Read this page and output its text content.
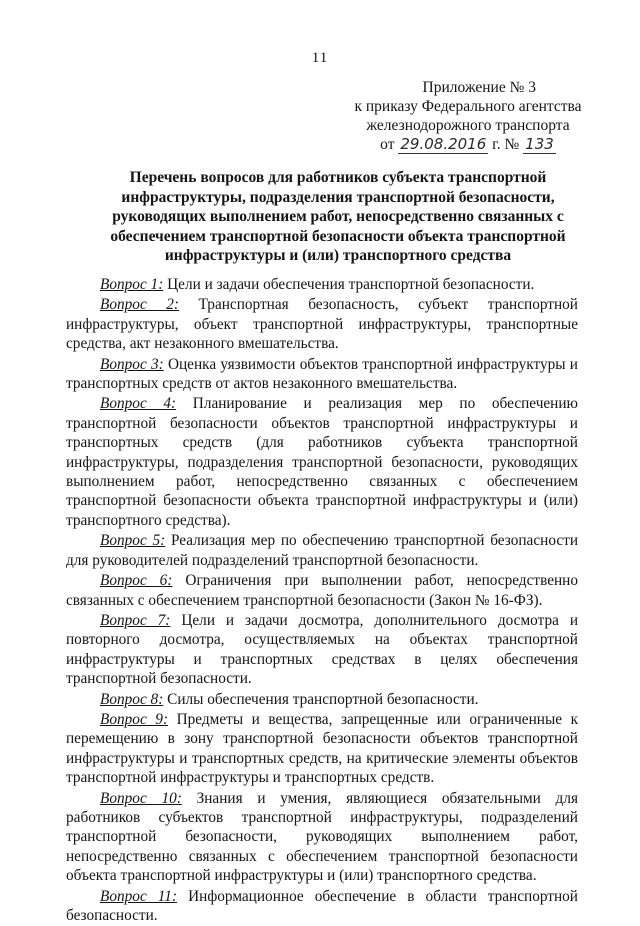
11
Приложение № 3
к приказу Федерального агентства
железнодорожного транспорта
от 29.08.2016 г. № 133
Перечень вопросов для работников субъекта транспортной инфраструктуры, подразделения транспортной безопасности, руководящих выполнением работ, непосредственно связанных с обеспечением транспортной безопасности объекта транспортной инфраструктуры и (или) транспортного средства

Вопрос 1: Цели и задачи обеспечения транспортной безопасности.

Вопрос 2: Транспортная безопасность, субъект транспортной инфраструктуры, объект транспортной инфраструктуры, транспортные средства, акт незаконного вмешательства.

Вопрос 3: Оценка уязвимости объектов транспортной инфраструктуры и транспортных средств от актов незаконного вмешательства.

Вопрос 4: Планирование и реализация мер по обеспечению транспортной безопасности объектов транспортной инфраструктуры и транспортных средств (для работников субъекта транспортной инфраструктуры, подразделения транспортной безопасности, руководящих выполнением работ, непосредственно связанных с обеспечением транспортной безопасности объекта транспортной инфраструктуры и (или) транспортного средства).

Вопрос 5: Реализация мер по обеспечению транспортной безопасности для руководителей подразделений транспортной безопасности.

Вопрос 6: Ограничения при выполнении работ, непосредственно связанных с обеспечением транспортной безопасности (Закон № 16-ФЗ).

Вопрос 7: Цели и задачи досмотра, дополнительного досмотра и повторного досмотра, осуществляемых на объектах транспортной инфраструктуры и транспортных средствах в целях обеспечения транспортной безопасности.

Вопрос 8: Силы обеспечения транспортной безопасности.

Вопрос 9: Предметы и вещества, запрещенные или ограниченные к перемещению в зону транспортной безопасности объектов транспортной инфраструктуры и транспортных средств, на критические элементы объектов транспортной инфраструктуры и транспортных средств.

Вопрос 10: Знания и умения, являющиеся обязательными для работников субъектов транспортной инфраструктуры, подразделений транспортной безопасности, руководящих выполнением работ, непосредственно связанных с обеспечением транспортной безопасности объекта транспортной инфраструктуры и (или) транспортного средства.

Вопрос 11: Информационное обеспечение в области транспортной безопасности.
